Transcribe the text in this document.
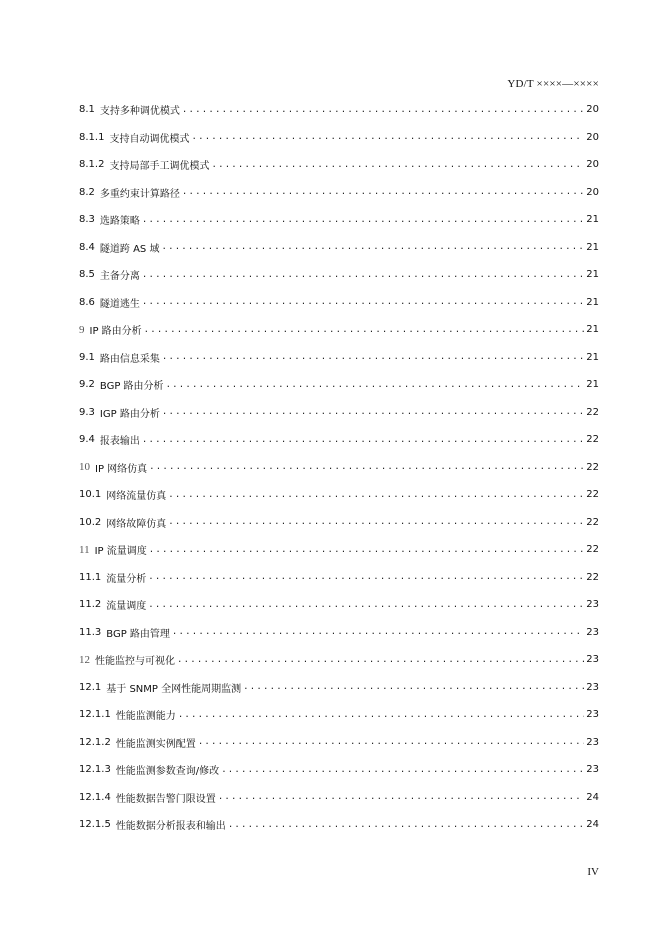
YD/T ××××—××××
8.1 支持多种调优模式 .....	20
8.1.1 支持自动调优模式 .....	20
8.1.2 支持局部手工调优模式 .....	20
8.2 多重约束计算路径 .....	20
8.3 选路策略 .....	21
8.4 隧道跨 AS 域 .....	21
8.5 主备分离 .....	21
8.6 隧道逃生 .....	21
9 IP 路由分析 .....	21
9.1 路由信息采集 .....	21
9.2 BGP 路由分析 .....	21
9.3 IGP 路由分析 .....	22
9.4 报表输出 .....	22
10 IP 网络仿真 .....	22
10.1 网络流量仿真 .....	22
10.2 网络故障仿真 .....	22
11 IP 流量调度 .....	22
11.1 流量分析 .....	22
11.2 流量调度 .....	23
11.3 BGP 路由管理 .....	23
12 性能监控与可视化 .....	23
12.1 基于 SNMP 全网性能周期监测 .....	23
12.1.1 性能监测能力 .....	23
12.1.2 性能监测实例配置 .....	23
12.1.3 性能监测参数查询/修改 .....	23
12.1.4 性能数据告警门限设置 .....	24
12.1.5 性能数据分析报表和输出 .....	24
IV
